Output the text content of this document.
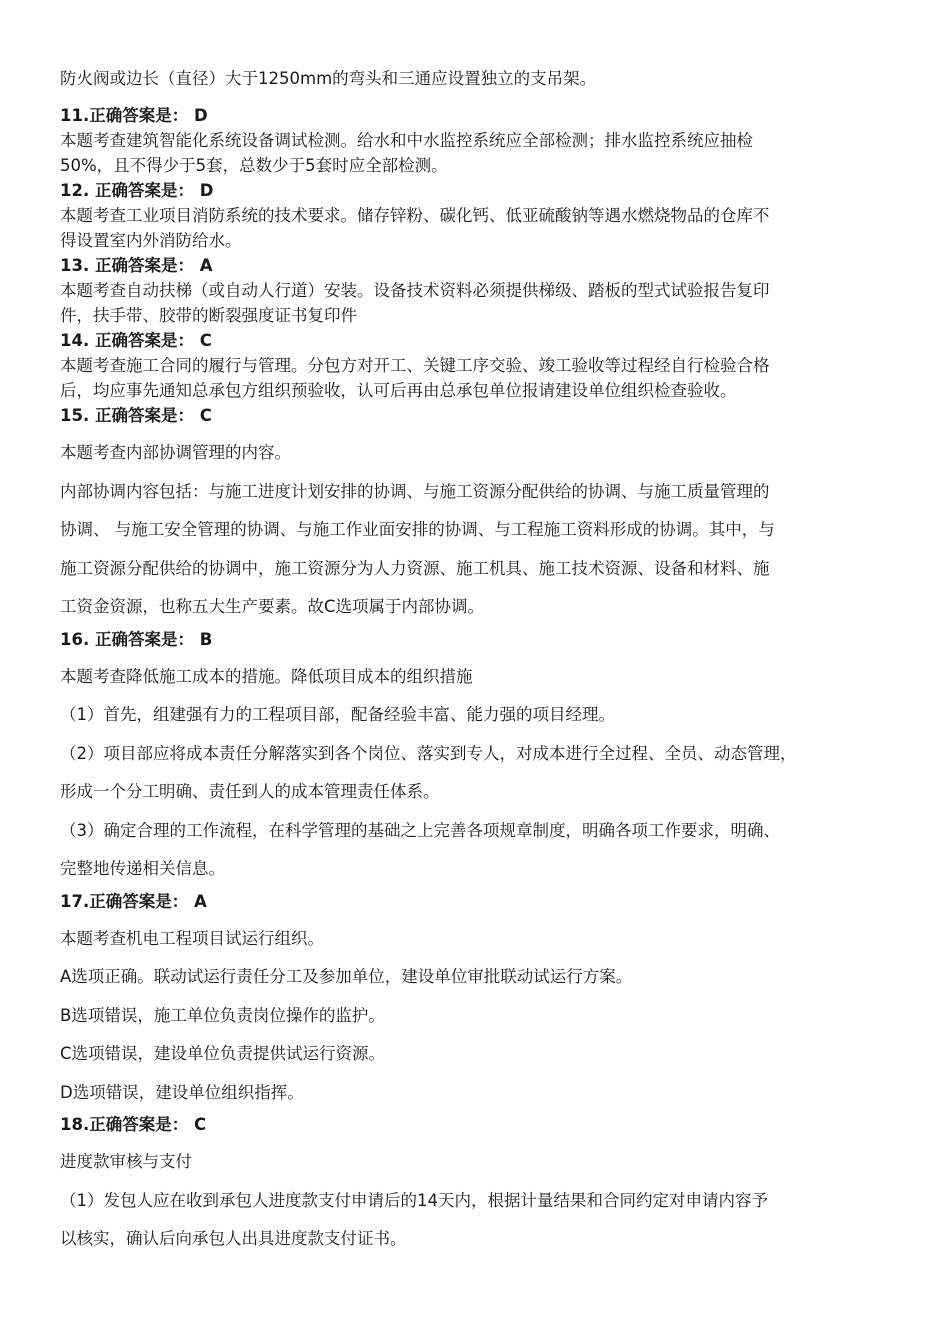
防火阀或边长（直径）大于1250mm的弯头和三通应设置独立的支吊架。
11.正确答案是： D
本题考查建筑智能化系统设备调试检测。给水和中水监控系统应全部检测；排水监控系统应抽检
50%，且不得少于5套，总数少于5套时应全部检测。
12. 正确答案是： D
本题考查工业项目消防系统的技术要求。储存锌粉、碳化钙、低亚硫酸钠等遇水燃烧物品的仓库不
得设置室内外消防给水。
13. 正确答案是： A
本题考查自动扶梯（或自动人行道）安装。设备技术资料必须提供梯级、踏板的型式试验报告复印
件，扶手带、胶带的断裂强度证书复印件
14. 正确答案是： C
本题考查施工合同的履行与管理。分包方对开工、关键工序交验、竣工验收等过程经自行检验合格
后，均应事先通知总承包方组织预验收，认可后再由总承包单位报请建设单位组织检查验收。
15. 正确答案是： C
本题考查内部协调管理的内容。
内部协调内容包括：与施工进度计划安排的协调、与施工资源分配供给的协调、与施工质量管理的
协调、 与施工安全管理的协调、与施工作业面安排的协调、与工程施工资料形成的协调。其中，与
施工资源分配供给的协调中，施工资源分为人力资源、施工机具、施工技术资源、设备和材料、施
工资金资源，也称五大生产要素。故C选项属于内部协调。
16. 正确答案是： B
本题考查降低施工成本的措施。降低项目成本的组织措施
（1）首先，组建强有力的工程项目部，配备经验丰富、能力强的项目经理。
（2）项目部应将成本责任分解落实到各个岗位、落实到专人，对成本进行全过程、全员、动态管理，
形成一个分工明确、责任到人的成本管理责任体系。
（3）确定合理的工作流程，在科学管理的基础之上完善各项规章制度，明确各项工作要求，明确、
完整地传递相关信息。
17.正确答案是： A
本题考查机电工程项目试运行组织。
A选项正确。联动试运行责任分工及参加单位，建设单位审批联动试运行方案。
B选项错误，施工单位负责岗位操作的监护。
C选项错误，建设单位负责提供试运行资源。
D选项错误，建设单位组织指挥。
18.正确答案是： C
进度款审核与支付
（1）发包人应在收到承包人进度款支付申请后的14天内，根据计量结果和合同约定对申请内容予
以核实，确认后向承包人出具进度款支付证书。
